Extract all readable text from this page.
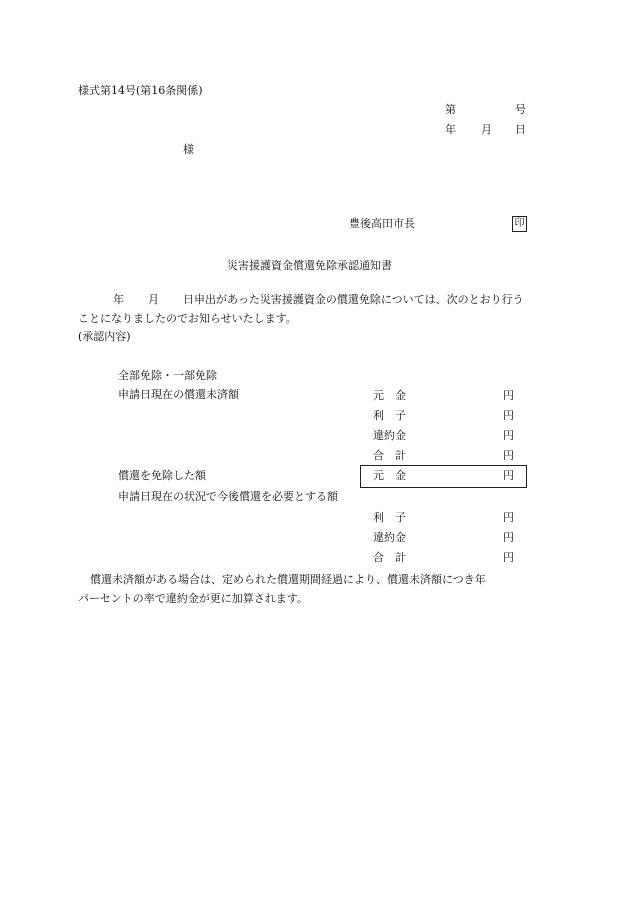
様式第14号(第16条関係)
第	号
年 月 日
様
豊後高田市長	印
災害援護資金償還免除承認通知書
年 月 日申出があった災害援護資金の償還免除については、次のとおり行う
ことになりましたのでお知らせいたします。
(承認内容)
全部免除・一部免除
申請日現在の償還未済額	元　金	円
利　子	円
違約金	円
合　計	円
償還を免除した額	元　金	円
申請日現在の状況で今後償還を必要とする額
利　子	円
違約金	円
合　計	円
償還未済額がある場合は、定められた償還期間経過により、償還未済額につき年
パーセントの率で違約金が更に加算されます。
